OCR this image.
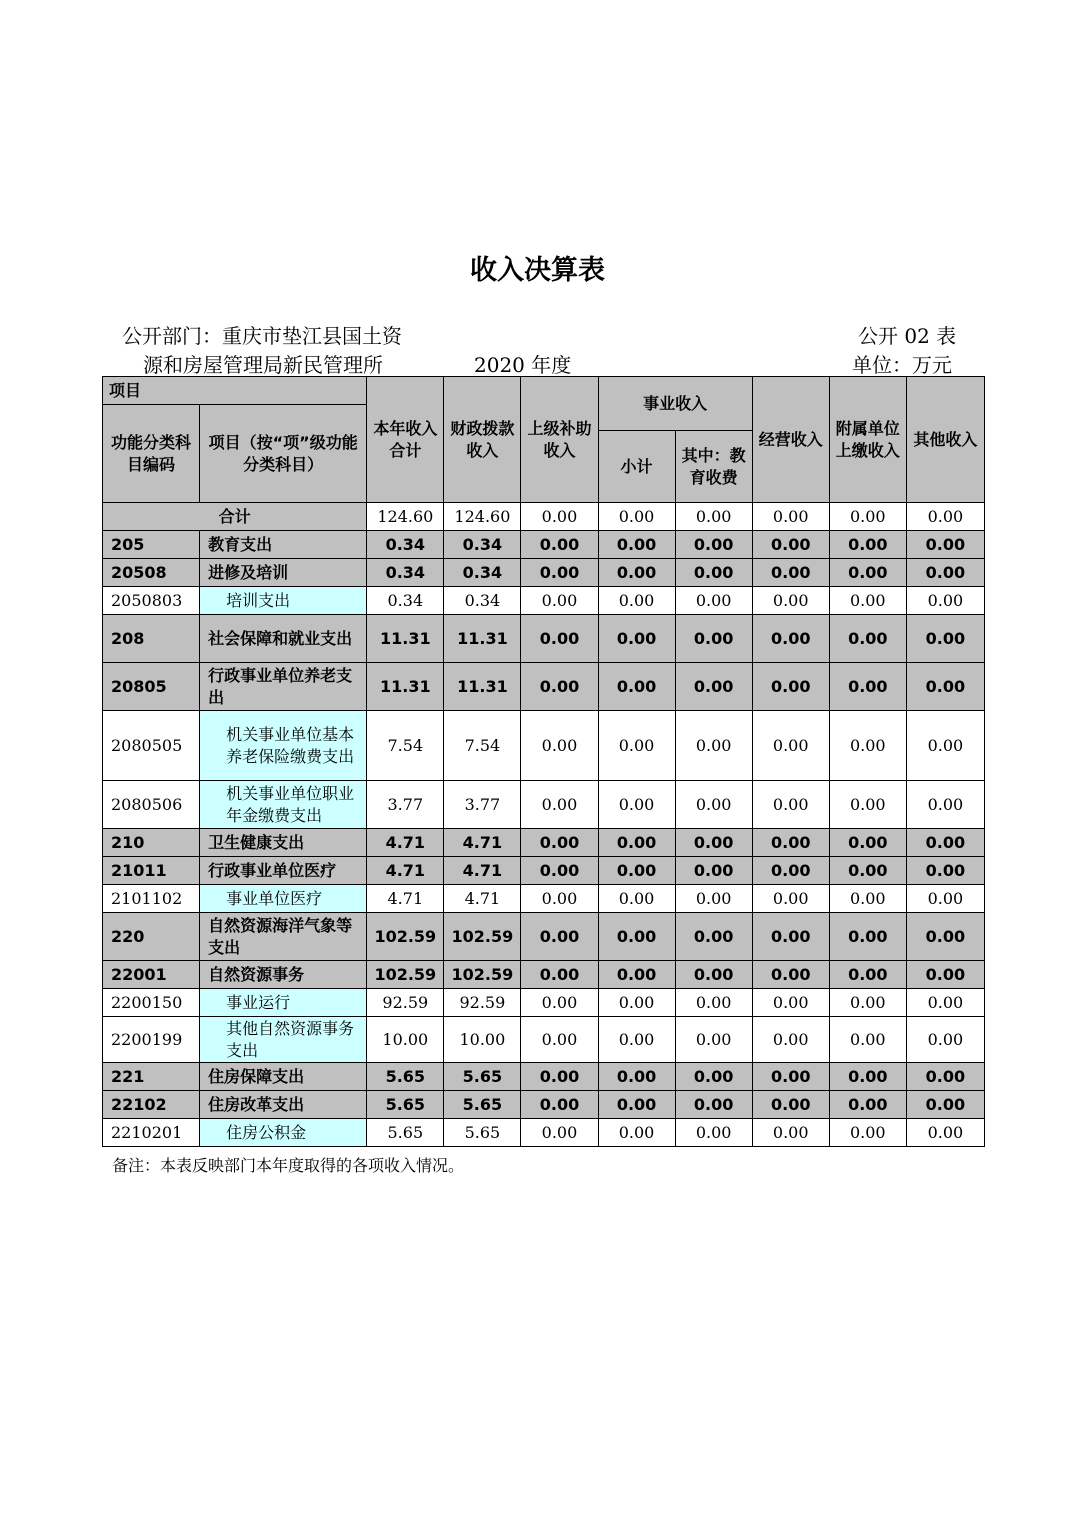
收入决算表
公开部门：重庆市垫江县国土资
源和房屋管理局新民管理所	2020 年度
公开 02 表
单位：万元
项目		本年收入合计	财政拨款收入	上级补助收入	事业收入		经营收入	附属单位上缴收入	其他收入
功能分类科目编码	项目（按“项”级功能分类科目）								
					小计	其中：教育收费			
合计		124.60	124.60	0.00	0.00	0.00	0.00	0.00	0.00
205	教育支出	0.34	0.34	0.00	0.00	0.00	0.00	0.00	0.00
20508	进修及培训	0.34	0.34	0.00	0.00	0.00	0.00	0.00	0.00
2050803	培训支出	0.34	0.34	0.00	0.00	0.00	0.00	0.00	0.00
208	社会保障和就业支出	11.31	11.31	0.00	0.00	0.00	0.00	0.00	0.00
20805	行政事业单位养老支出	11.31	11.31	0.00	0.00	0.00	0.00	0.00	0.00
2080505	机关事业单位基本养老保险缴费支出	7.54	7.54	0.00	0.00	0.00	0.00	0.00	0.00
2080506	机关事业单位职业年金缴费支出	3.77	3.77	0.00	0.00	0.00	0.00	0.00	0.00
210	卫生健康支出	4.71	4.71	0.00	0.00	0.00	0.00	0.00	0.00
21011	行政事业单位医疗	4.71	4.71	0.00	0.00	0.00	0.00	0.00	0.00
2101102	事业单位医疗	4.71	4.71	0.00	0.00	0.00	0.00	0.00	0.00
220	自然资源海洋气象等支出	102.59	102.59	0.00	0.00	0.00	0.00	0.00	0.00
22001	自然资源事务	102.59	102.59	0.00	0.00	0.00	0.00	0.00	0.00
2200150	事业运行	92.59	92.59	0.00	0.00	0.00	0.00	0.00	0.00
2200199	其他自然资源事务支出	10.00	10.00	0.00	0.00	0.00	0.00	0.00	0.00
221	住房保障支出	5.65	5.65	0.00	0.00	0.00	0.00	0.00	0.00
22102	住房改革支出	5.65	5.65	0.00	0.00	0.00	0.00	0.00	0.00
2210201	住房公积金	5.65	5.65	0.00	0.00	0.00	0.00	0.00	0.00
备注：本表反映部门本年度取得的各项收入情况。
